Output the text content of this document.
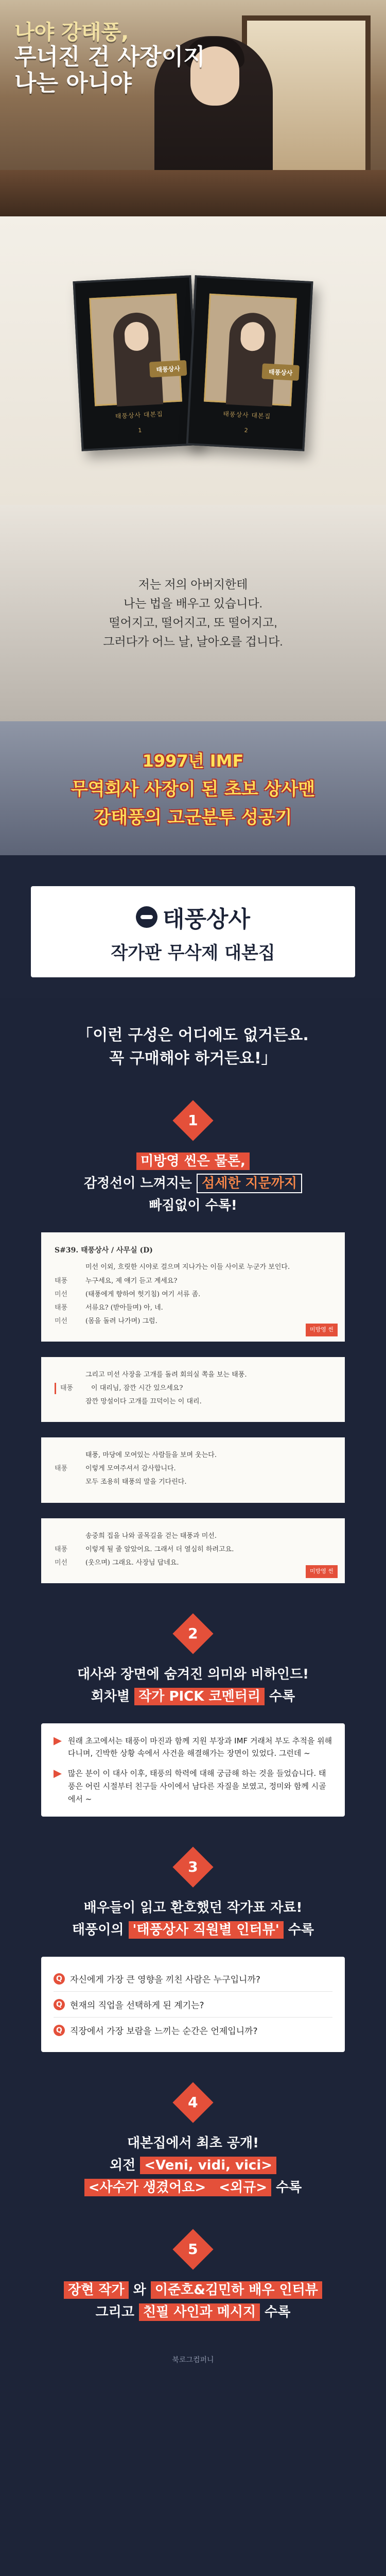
나야 강태풍,
무너진 건 사장이지
나는 아니야
태풍상사
태풍상사 대본집
1
태풍상사
태풍상사 대본집
2
저는 저의 아버지한테
나는 법을 배우고 있습니다.
떨어지고, 떨어지고, 또 떨어지고,
그러다가 어느 날, 날아오를 겁니다.
1997년 IMF
무역회사 사장이 된 초보 상사맨
강태풍의 고군분투 성공기
태풍상사
작가판 무삭제 대본집
「이런 구성은 어디에도 없거든요.
꼭 구매해야 하거든요!」
1
미방영 씬은 물론,
감정선이 느껴지는 섬세한 지문까지
빠짐없이 수록!
S#39. 태풍상사 / 사무실 (D)
미선 이외, 흐릿한 시야로 걸으며 지나가는 이들 사이로 누군가 보인다.
태풍	누구세요, 제 얘기 듣고 계세요?
미선	(태풍에게 향하여 헛기침) 여기 서류 좀.
태풍	서류요? (받아들며) 아, 네.
미선	(몸을 돌려 나가며) 그럼.
미방영 씬
그리고 미선 사장을 고개를 돌려 회의실 쪽을 보는 태풍.
태풍	이 대리님, 잠깐 시간 있으세요?
잠깐 망설이다 고개를 끄덕이는 이 대리.
태풍, 마당에 모여있는 사람들을 보며 웃는다.
태풍	이렇게 모여주셔서 감사합니다.
모두 조용히 태풍의 말을 기다린다.
송중희 집을 나와 골목길을 걷는 태풍과 미선.
태풍	이렇게 될 줄 알았어요. 그래서 더 열심히 하려고요.
미선	(웃으며) 그래요. 사장님 답네요.
미방영 씬
2
대사와 장면에 숨겨진 의미와 비하인드!
회차별 작가 PICK 코멘터리 수록
원래 초고에서는 태풍이 마진과 함께 지원 부장과 IMF 거래처 부도 추적을 위해 다니며, 긴박한 상황 속에서 사건을 해결해가는 장면이 있었다. 그런데 ~
많은 분이 이 대사 이후, 태풍의 학력에 대해 궁금해 하는 것을 들었습니다. 태풍은 어린 시절부터 친구들 사이에서 남다른 자질을 보였고, 정미와 함께 시골에서 ~
3
배우들이 읽고 환호했던 작가표 자료!
태풍이의 '태풍상사 직원별 인터뷰' 수록
Q 자신에게 가장 큰 영향을 끼친 사람은 누구입니까?
Q 현재의 직업을 선택하게 된 계기는?
Q 직장에서 가장 보람을 느끼는 순간은 언제입니까?
4
대본집에서 최초 공개!
외전 <Veni, vidi, vici>
<사수가 생겼어요> <외규> 수록
5
장현 작가 와 이준호&김민하 배우 인터뷰
그리고 친필 사인과 메시지 수록
북로그컴퍼니
